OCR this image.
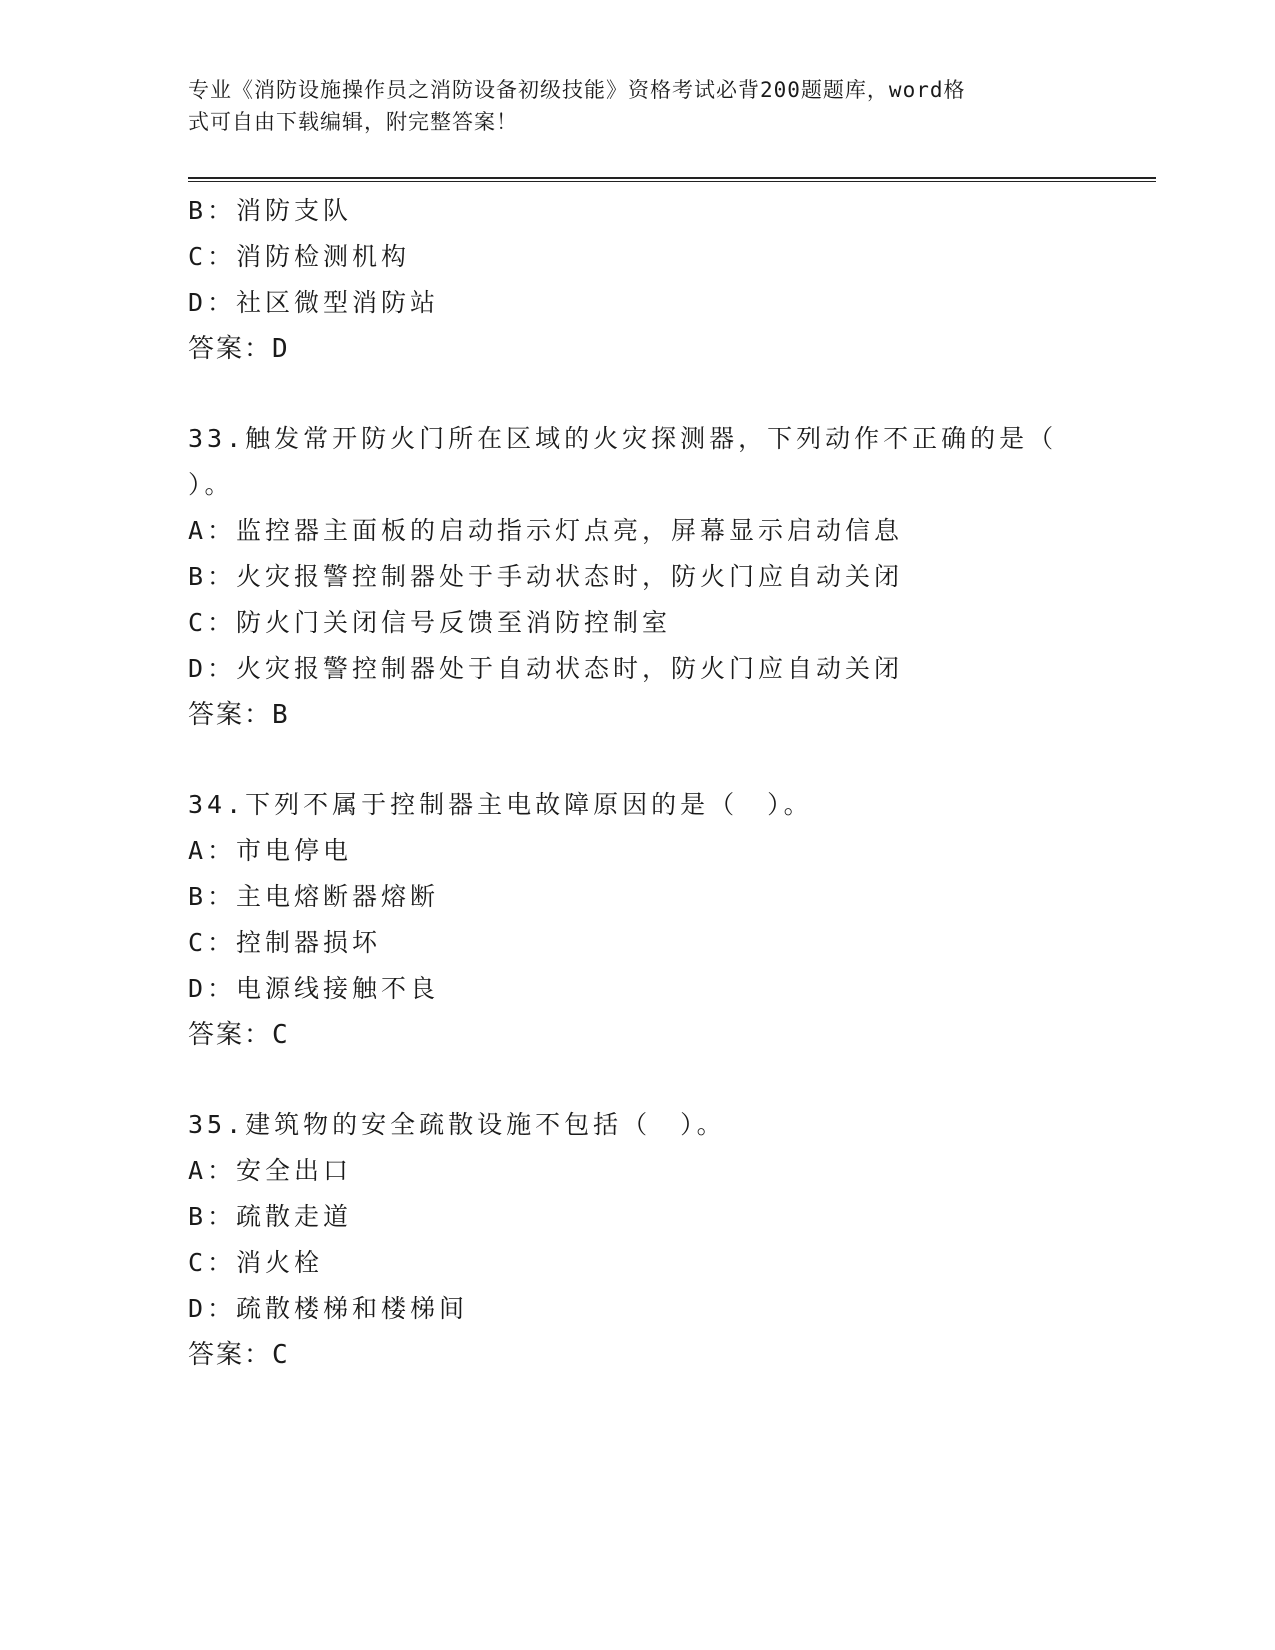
专业《消防设施操作员之消防设备初级技能》资格考试必背200题题库，word格
式可自由下载编辑，附完整答案！
B：消防支队
C：消防检测机构
D：社区微型消防站
答案：D
33.触发常开防火门所在区域的火灾探测器，下列动作不正确的是（
）。
A：监控器主面板的启动指示灯点亮，屏幕显示启动信息
B：火灾报警控制器处于手动状态时，防火门应自动关闭
C：防火门关闭信号反馈至消防控制室
D：火灾报警控制器处于自动状态时，防火门应自动关闭
答案：B
34.下列不属于控制器主电故障原因的是（　）。
A：市电停电
B：主电熔断器熔断
C：控制器损坏
D：电源线接触不良
答案：C
35.建筑物的安全疏散设施不包括（　）。
A：安全出口
B：疏散走道
C：消火栓
D：疏散楼梯和楼梯间
答案：C
